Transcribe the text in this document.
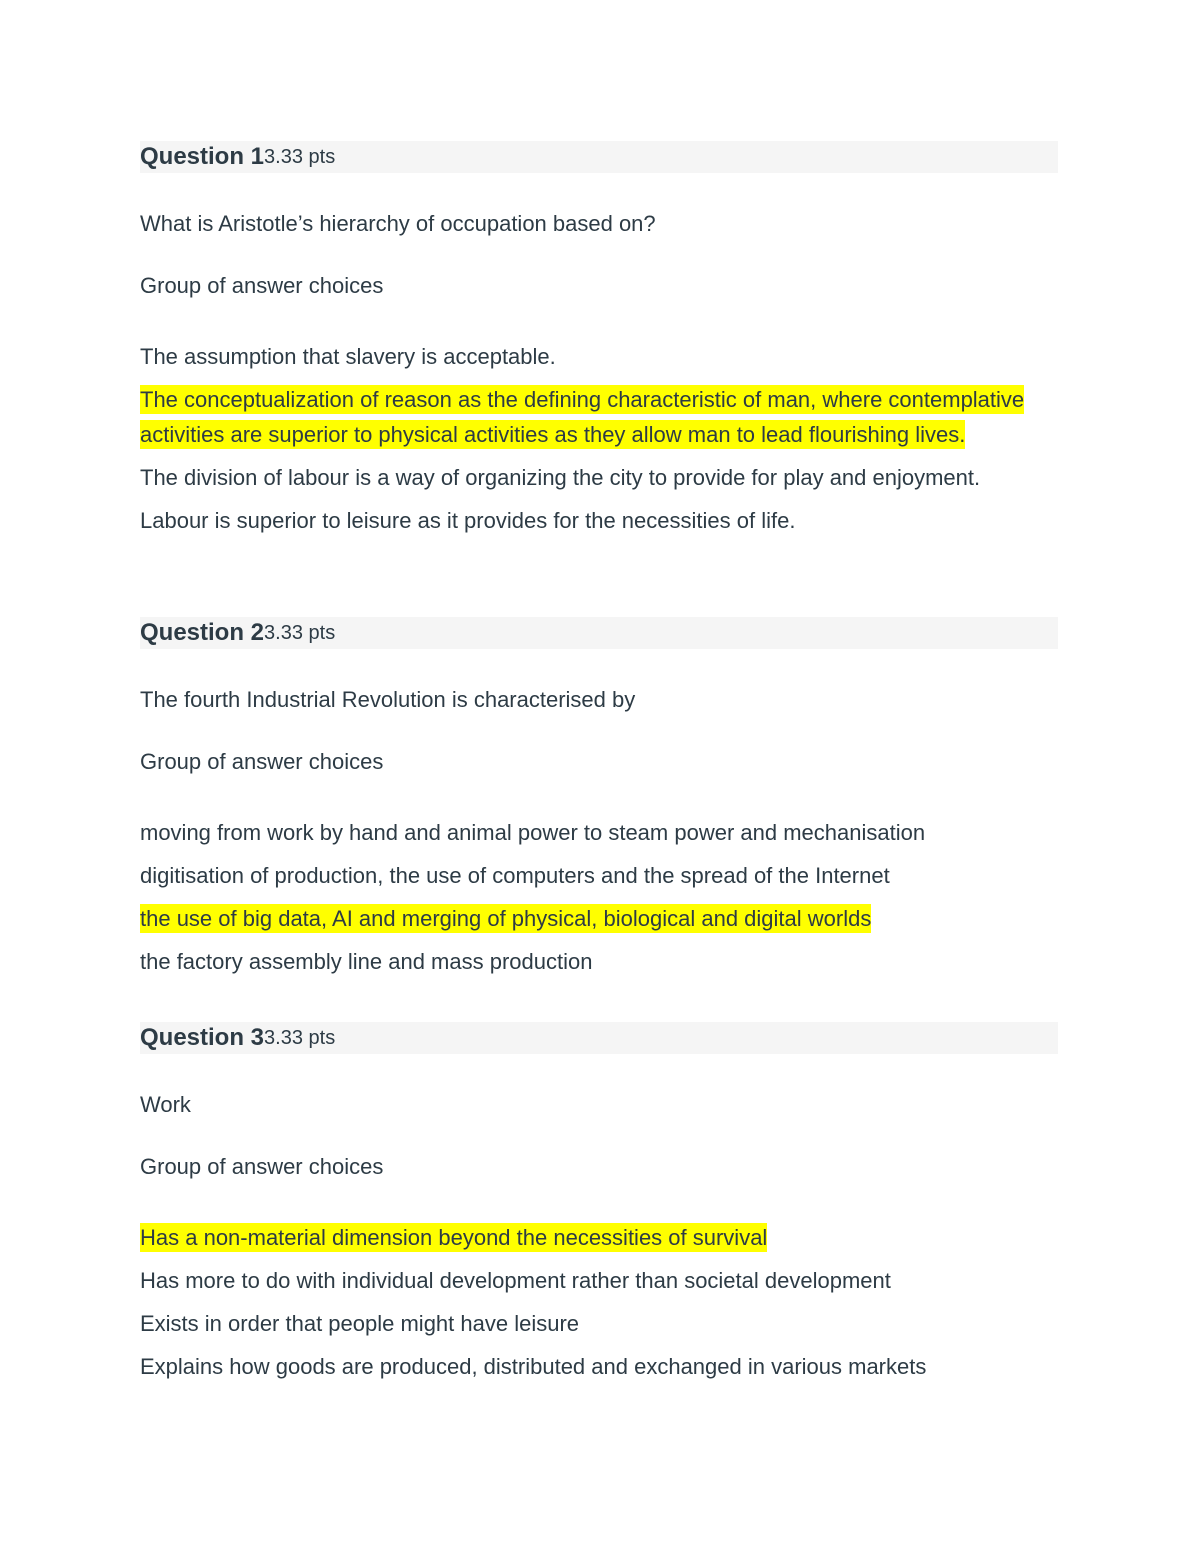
Question 1 3.33 pts
What is Aristotle’s hierarchy of occupation based on?
Group of answer choices
The assumption that slavery is acceptable.
The conceptualization of reason as the defining characteristic of man, where contemplative activities are superior to physical activities as they allow man to lead flourishing lives.
The division of labour is a way of organizing the city to provide for play and enjoyment.
Labour is superior to leisure as it provides for the necessities of life.
Question 2 3.33 pts
The fourth Industrial Revolution is characterised by
Group of answer choices
moving from work by hand and animal power to steam power and mechanisation
digitisation of production, the use of computers and the spread of the Internet
the use of big data, AI and merging of physical, biological and digital worlds
the factory assembly line and mass production
Question 3 3.33 pts
Work
Group of answer choices
Has a non-material dimension beyond the necessities of survival
Has more to do with individual development rather than societal development
Exists in order that people might have leisure
Explains how goods are produced, distributed and exchanged in various markets
